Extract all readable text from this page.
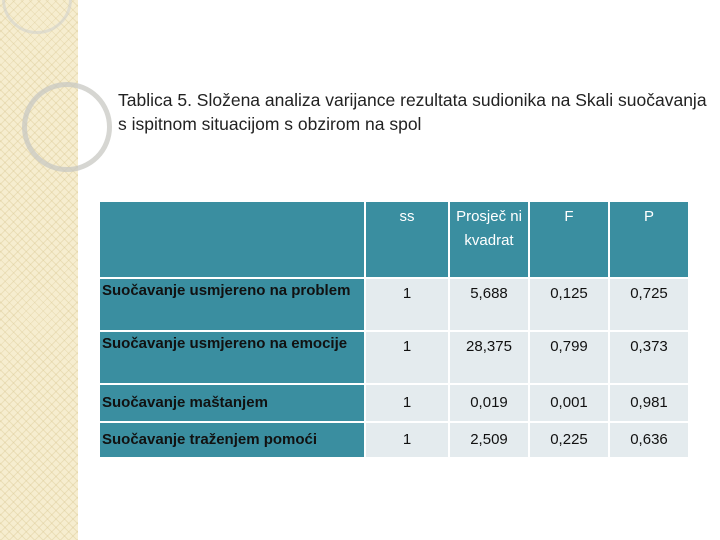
Tablica 5. Složena analiza varijance rezultata sudionika na Skali suočavanja s ispitnom situacijom s obzirom na spol
	ss	Prosječ ni kvadrat	F	P
Suočavanje usmjereno na problem	1	5,688	0,125	0,725
Suočavanje usmjereno na emocije	1	28,375	0,799	0,373
Suočavanje maštanjem	1	0,019	0,001	0,981
Suočavanje traženjem pomoći	1	2,509	0,225	0,636
